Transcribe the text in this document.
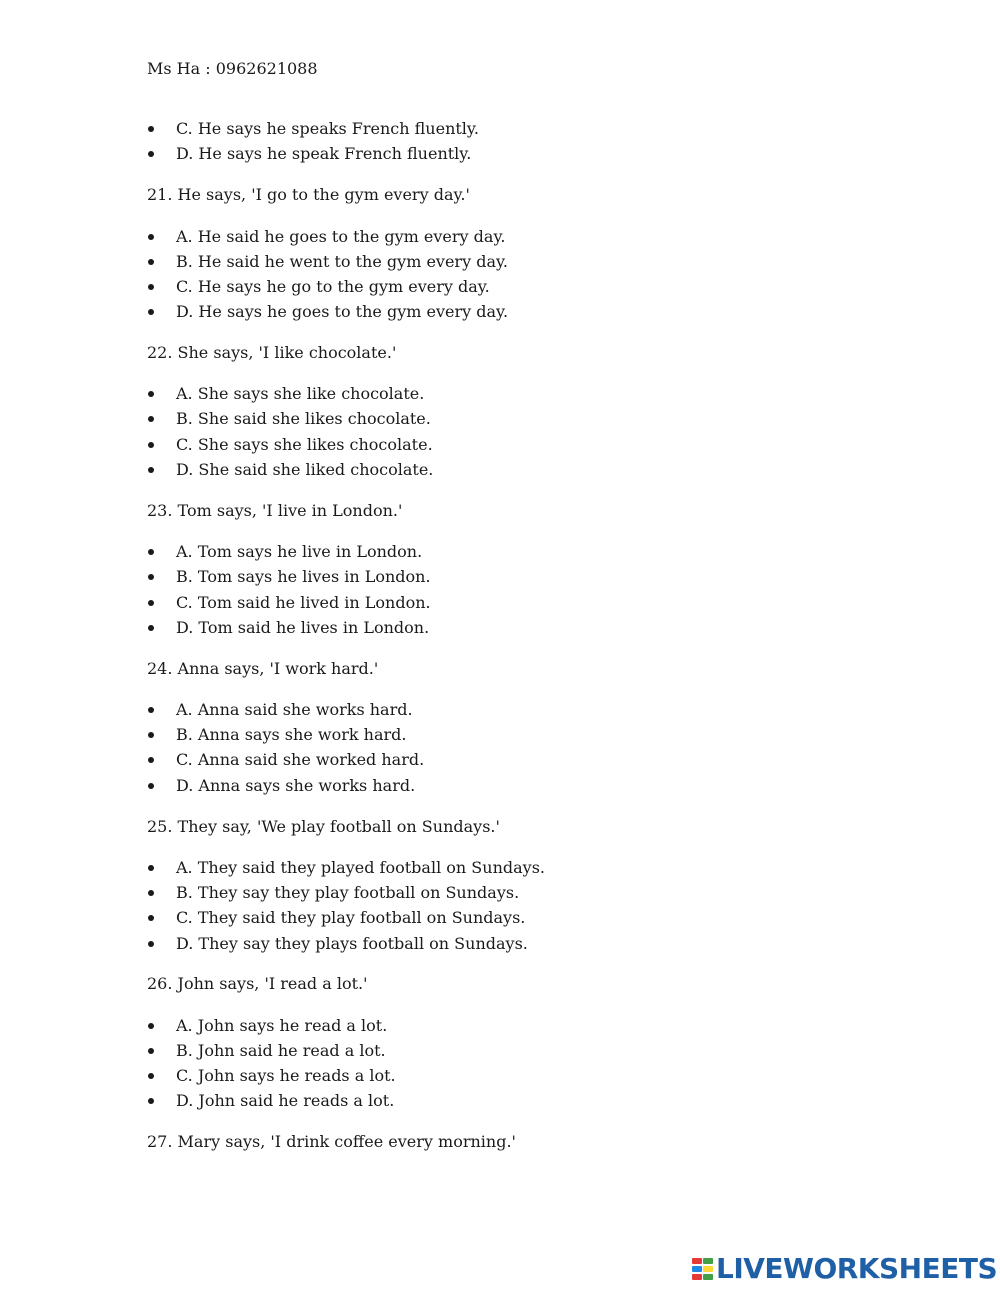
Ms Ha : 0962621088
C. He says he speaks French fluently.
D. He says he speak French fluently.
21. He says, 'I go to the gym every day.'
A. He said he goes to the gym every day.
B. He said he went to the gym every day.
C. He says he go to the gym every day.
D. He says he goes to the gym every day.
22. She says, 'I like chocolate.'
A. She says she like chocolate.
B. She said she likes chocolate.
C. She says she likes chocolate.
D. She said she liked chocolate.
23. Tom says, 'I live in London.'
A. Tom says he live in London.
B. Tom says he lives in London.
C. Tom said he lived in London.
D. Tom said he lives in London.
24. Anna says, 'I work hard.'
A. Anna said she works hard.
B. Anna says she work hard.
C. Anna said she worked hard.
D. Anna says she works hard.
25. They say, 'We play football on Sundays.'
A. They said they played football on Sundays.
B. They say they play football on Sundays.
C. They said they play football on Sundays.
D. They say they plays football on Sundays.
26. John says, 'I read a lot.'
A. John says he read a lot.
B. John said he read a lot.
C. John says he reads a lot.
D. John said he reads a lot.
27. Mary says, 'I drink coffee every morning.'
LIVEWORKSHEETS
